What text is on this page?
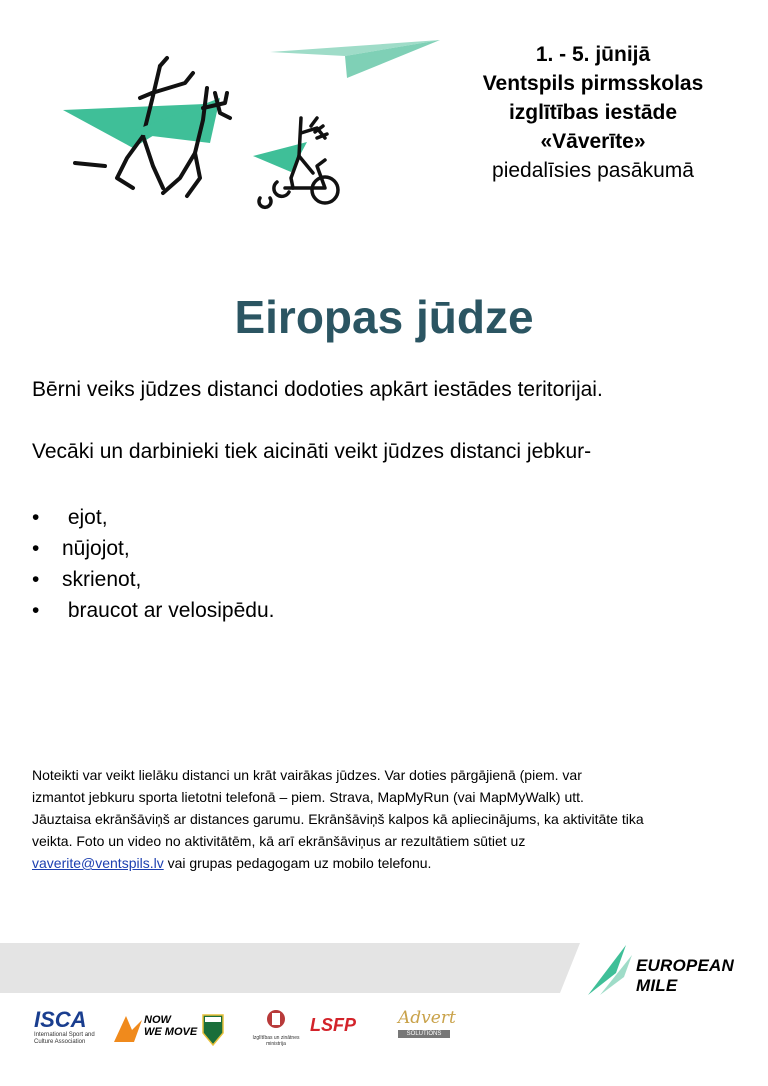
1. - 5. jūnijā
Ventspils pirmsskolas
izglītības iestāde
«Vāverīte»
piedalīsies pasākumā
Eiropas jūdze
Bērni veiks jūdzes distanci dodoties apkārt iestādes teritorijai.
Vecāki un darbinieki tiek aicināti veikt jūdzes distanci jebkur-
•	ejot,
•	nūjojot,
•	skrienot,
•	braucot ar velosipēdu.
Noteikti var veikt lielāku distanci un krāt vairākas jūdzes. Var doties pārgājienā (piem. var
izmantot jebkuru sporta lietotni telefonā – piem. Strava, MapMyRun (vai MapMyWalk) utt.
Jāuztaisa ekrānšāviņš ar distances garumu. Ekrānšāviņš kalpos kā apliecinājums, ka aktivitāte tika
veikta. Foto un video no aktivitātēm, kā arī ekrānšāviņus ar rezultātiem sūtiet uz
vaverite@ventspils.lv vai grupas pedagogam uz mobilo telefonu.
EUROPEAN MILE
ISCA
International Sport and
Culture Association
NOW
WE MOVE	Izglītības un zinātnes
ministrija
LSFP	Advert
SOLUTIONS
